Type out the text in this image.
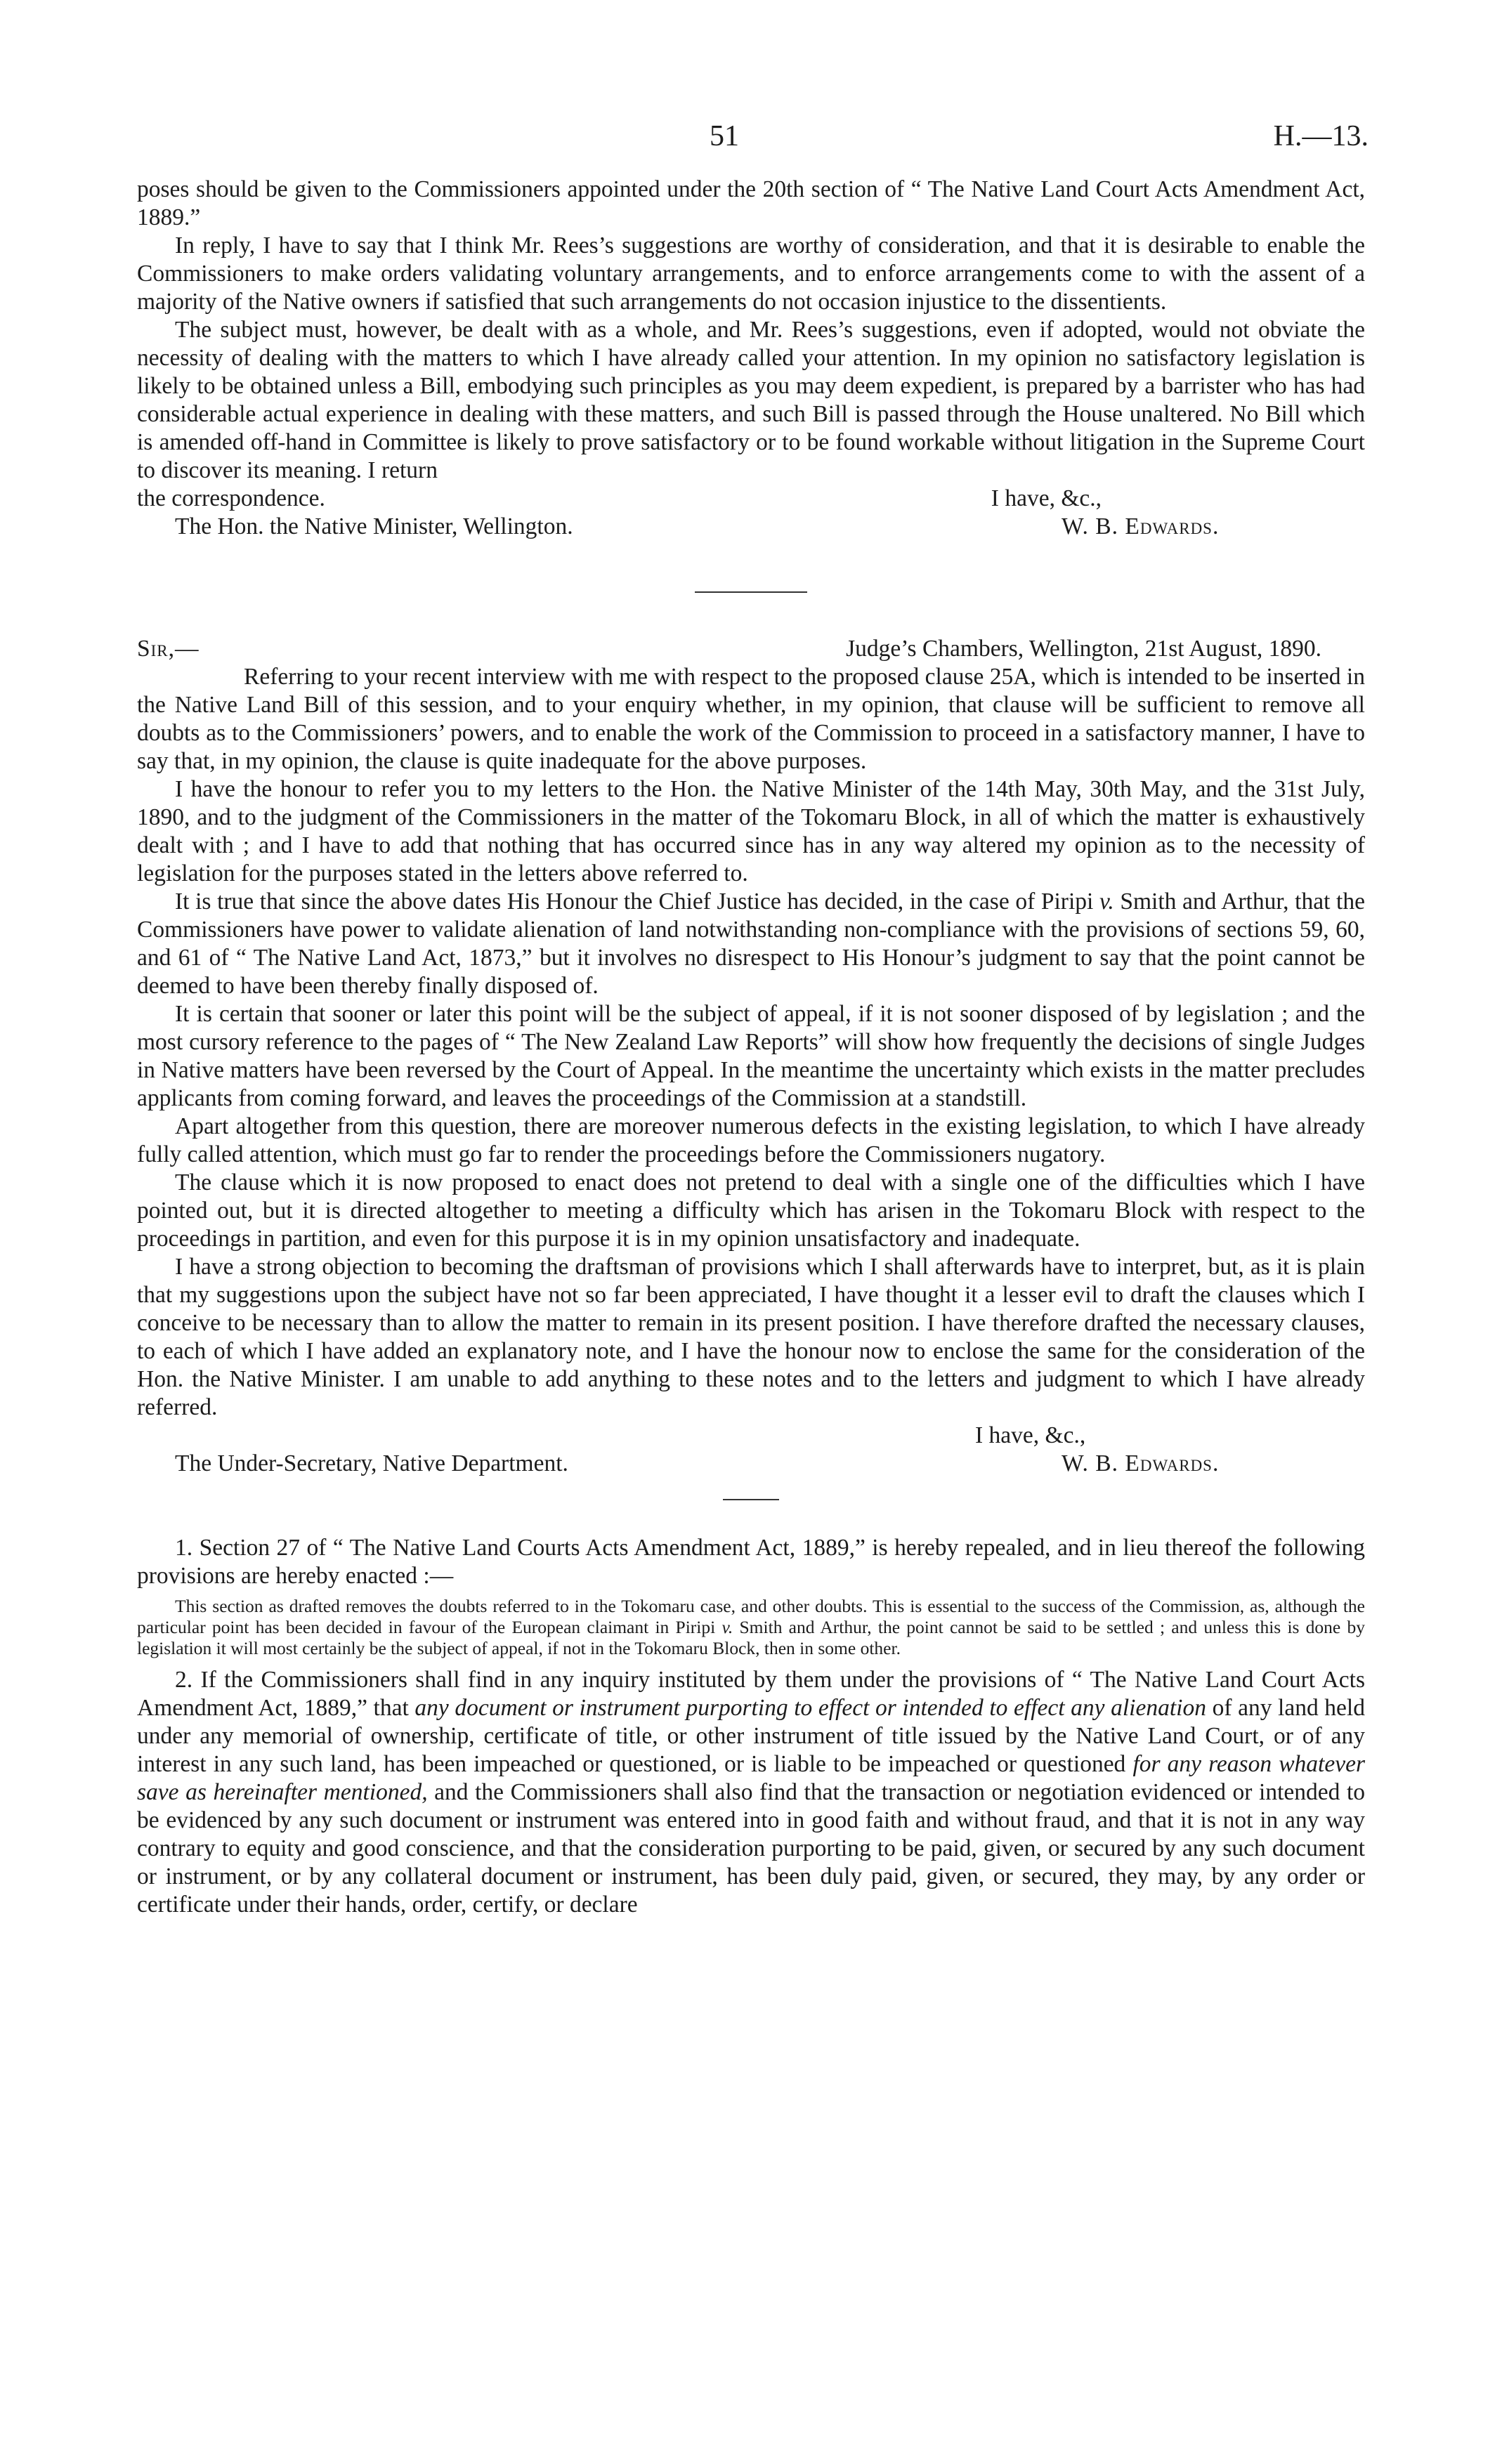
51	H.—13.

poses should be given to the Commissioners appointed under the 20th section of “ The Native Land Court Acts Amendment Act, 1889.”

In reply, I have to say that I think Mr. Rees’s suggestions are worthy of consideration, and that it is desirable to enable the Commissioners to make orders validating voluntary arrangements, and to enforce arrangements come to with the assent of a majority of the Native owners if satisfied that such arrangements do not occasion injustice to the dissentients.

The subject must, however, be dealt with as a whole, and Mr. Rees’s suggestions, even if adopted, would not obviate the necessity of dealing with the matters to which I have already called your attention. In my opinion no satisfactory legislation is likely to be obtained unless a Bill, embodying such principles as you may deem expedient, is prepared by a barrister who has had considerable actual experience in dealing with these matters, and such Bill is passed through the House unaltered. No Bill which is amended off-hand in Committee is likely to prove satisfactory or to be found workable without litigation in the Supreme Court to discover its meaning. I return

the correspondence.	I have, &c.,
The Hon. the Native Minister, Wellington.	W. B. Edwards.
Sir,—	Judge’s Chambers, Wellington, 21st August, 1890.

Referring to your recent interview with me with respect to the proposed clause 25A, which is intended to be inserted in the Native Land Bill of this session, and to your enquiry whether, in my opinion, that clause will be sufficient to remove all doubts as to the Commissioners’ powers, and to enable the work of the Commission to proceed in a satisfactory manner, I have to say that, in my opinion, the clause is quite inadequate for the above purposes.

I have the honour to refer you to my letters to the Hon. the Native Minister of the 14th May, 30th May, and the 31st July, 1890, and to the judgment of the Commissioners in the matter of the Tokomaru Block, in all of which the matter is exhaustively dealt with ; and I have to add that nothing that has occurred since has in any way altered my opinion as to the necessity of legislation for the purposes stated in the letters above referred to.

It is true that since the above dates His Honour the Chief Justice has decided, in the case of Piripi v. Smith and Arthur, that the Commissioners have power to validate alienation of land notwithstanding non-compliance with the provisions of sections 59, 60, and 61 of “ The Native Land Act, 1873,” but it involves no disrespect to His Honour’s judgment to say that the point cannot be deemed to have been thereby finally disposed of.

It is certain that sooner or later this point will be the subject of appeal, if it is not sooner disposed of by legislation ; and the most cursory reference to the pages of “ The New Zealand Law Reports” will show how frequently the decisions of single Judges in Native matters have been reversed by the Court of Appeal. In the meantime the uncertainty which exists in the matter precludes applicants from coming forward, and leaves the proceedings of the Commission at a standstill.

Apart altogether from this question, there are moreover numerous defects in the existing legislation, to which I have already fully called attention, which must go far to render the proceedings before the Commissioners nugatory.

The clause which it is now proposed to enact does not pretend to deal with a single one of the difficulties which I have pointed out, but it is directed altogether to meeting a difficulty which has arisen in the Tokomaru Block with respect to the proceedings in partition, and even for this purpose it is in my opinion unsatisfactory and inadequate.

I have a strong objection to becoming the draftsman of provisions which I shall afterwards have to interpret, but, as it is plain that my suggestions upon the subject have not so far been appreciated, I have thought it a lesser evil to draft the clauses which I conceive to be necessary than to allow the matter to remain in its present position. I have therefore drafted the necessary clauses, to each of which I have added an explanatory note, and I have the honour now to enclose the same for the consideration of the Hon. the Native Minister. I am unable to add anything to these notes and to the letters and judgment to which I have already referred.

I have, &c.,
The Under-Secretary, Native Department.	W. B. Edwards.

1. Section 27 of “ The Native Land Courts Acts Amendment Act, 1889,” is hereby repealed, and in lieu thereof the following provisions are hereby enacted :—

This section as drafted removes the doubts referred to in the Tokomaru case, and other doubts. This is essential to the success of the Commission, as, although the particular point has been decided in favour of the European claimant in Piripi v. Smith and Arthur, the point cannot be said to be settled ; and unless this is done by legislation it will most certainly be the subject of appeal, if not in the Tokomaru Block, then in some other.

2. If the Commissioners shall find in any inquiry instituted by them under the provisions of “ The Native Land Court Acts Amendment Act, 1889,” that any document or instrument purporting to effect or intended to effect any alienation of any land held under any memorial of ownership, certificate of title, or other instrument of title issued by the Native Land Court, or of any interest in any such land, has been impeached or questioned, or is liable to be impeached or questioned for any reason whatever save as hereinafter mentioned, and the Commissioners shall also find that the transaction or negotiation evidenced or intended to be evidenced by any such document or instrument was entered into in good faith and without fraud, and that it is not in any way contrary to equity and good conscience, and that the consideration purporting to be paid, given, or secured by any such document or instrument, or by any collateral document or instrument, has been duly paid, given, or secured, they may, by any order or certificate under their hands, order, certify, or declare
